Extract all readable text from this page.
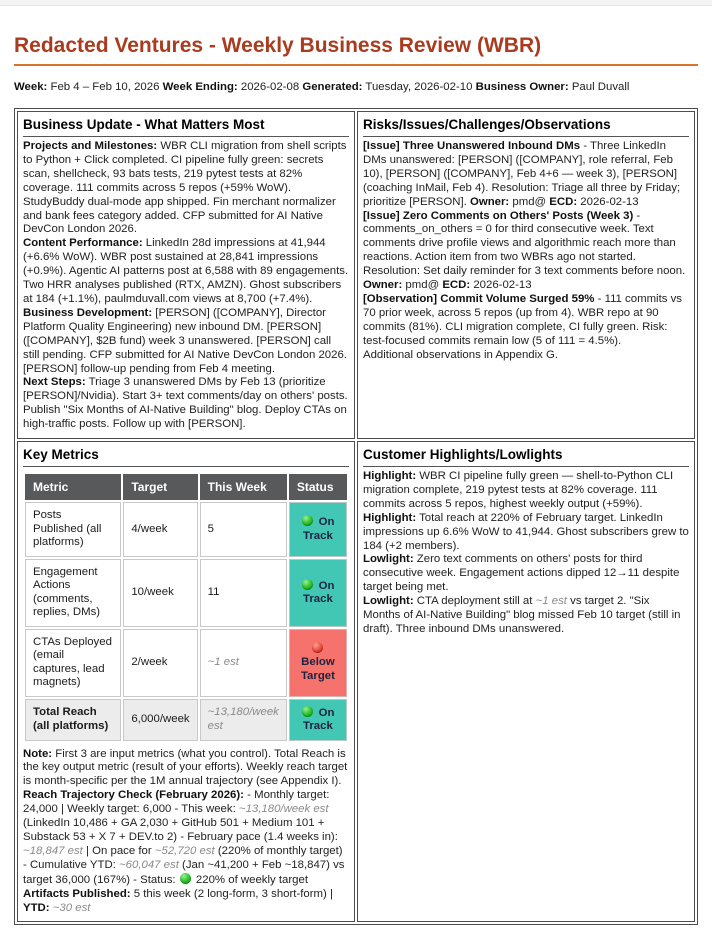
Redacted Ventures - Weekly Business Review (WBR)

Week: Feb 4 – Feb 10, 2026 Week Ending: 2026-02-08 Generated: Tuesday, 2026-02-10 Business Owner: Paul Duvall

Business Update - What Matters Most
Projects and Milestones: WBR CLI migration from shell scripts to Python + Click completed. CI pipeline fully green: secrets scan, shellcheck, 93 bats tests, 219 pytest tests at 82% coverage. 111 commits across 5 repos (+59% WoW). StudyBuddy dual-mode app shipped. Fin merchant normalizer and bank fees category added. CFP submitted for AI Native DevCon London 2026.
Content Performance: LinkedIn 28d impressions at 41,944 (+6.6% WoW). WBR post sustained at 28,841 impressions (+0.9%). Agentic AI patterns post at 6,588 with 89 engagements. Two HRR analyses published (RTX, AMZN). Ghost subscribers at 184 (+1.1%), paulmduvall.com views at 8,700 (+7.4%).
Business Development: [PERSON] ([COMPANY], Director Platform Quality Engineering) new inbound DM. [PERSON] ([COMPANY], $2B fund) week 3 unanswered. [PERSON] call still pending. CFP submitted for AI Native DevCon London 2026. [PERSON] follow-up pending from Feb 4 meeting.
Next Steps: Triage 3 unanswered DMs by Feb 13 (prioritize [PERSON]/Nvidia). Start 3+ text comments/day on others' posts. Publish "Six Months of AI-Native Building" blog. Deploy CTAs on high-traffic posts. Follow up with [PERSON].

Risks/Issues/Challenges/Observations
[Issue] Three Unanswered Inbound DMs - Three LinkedIn DMs unanswered: [PERSON] ([COMPANY], role referral, Feb 10), [PERSON] ([COMPANY], Feb 4+6 — week 3), [PERSON] (coaching InMail, Feb 4). Resolution: Triage all three by Friday; prioritize [PERSON]. Owner: pmd@ ECD: 2026-02-13
[Issue] Zero Comments on Others' Posts (Week 3) - comments_on_others = 0 for third consecutive week. Text comments drive profile views and algorithmic reach more than reactions. Action item from two WBRs ago not started. Resolution: Set daily reminder for 3 text comments before noon. Owner: pmd@ ECD: 2026-02-13
[Observation] Commit Volume Surged 59% - 111 commits vs 70 prior week, across 5 repos (up from 4). WBR repo at 90 commits (81%). CLI migration complete, CI fully green. Risk: test-focused commits remain low (5 of 111 = 4.5%).
Additional observations in Appendix G.

Key Metrics
Metric	Target	This Week	Status
Posts Published (all platforms)	4/week	5	On Track
Engagement Actions (comments, replies, DMs)	10/week	11	On Track
CTAs Deployed (email captures, lead magnets)	2/week	~1 est	Below Target
Total Reach (all platforms)	6,000/week	~13,180/week est	On Track
Note: First 3 are input metrics (what you control). Total Reach is the key output metric (result of your efforts). Weekly reach target is month-specific per the 1M annual trajectory (see Appendix I).
Reach Trajectory Check (February 2026): - Monthly target: 24,000 | Weekly target: 6,000 - This week: ~13,180/week est (LinkedIn 10,486 + GA 2,030 + GitHub 501 + Medium 101 + Substack 53 + X 7 + DEV.to 2) - February pace (1.4 weeks in): ~18,847 est | On pace for ~52,720 est (220% of monthly target) - Cumulative YTD: ~60,047 est (Jan ~41,200 + Feb ~18,847) vs target 36,000 (167%) - Status:  220% of weekly target
Artifacts Published: 5 this week (2 long-form, 3 short-form) | YTD: ~30 est

Customer Highlights/Lowlights
Highlight: WBR CI pipeline fully green — shell-to-Python CLI migration complete, 219 pytest tests at 82% coverage. 111 commits across 5 repos, highest weekly output (+59%).
Highlight: Total reach at 220% of February target. LinkedIn impressions up 6.6% WoW to 41,944. Ghost subscribers grew to 184 (+2 members).
Lowlight: Zero text comments on others' posts for third consecutive week. Engagement actions dipped 12→11 despite target being met.
Lowlight: CTA deployment still at ~1 est vs target 2. "Six Months of AI-Native Building" blog missed Feb 10 target (still in draft). Three inbound DMs unanswered.
